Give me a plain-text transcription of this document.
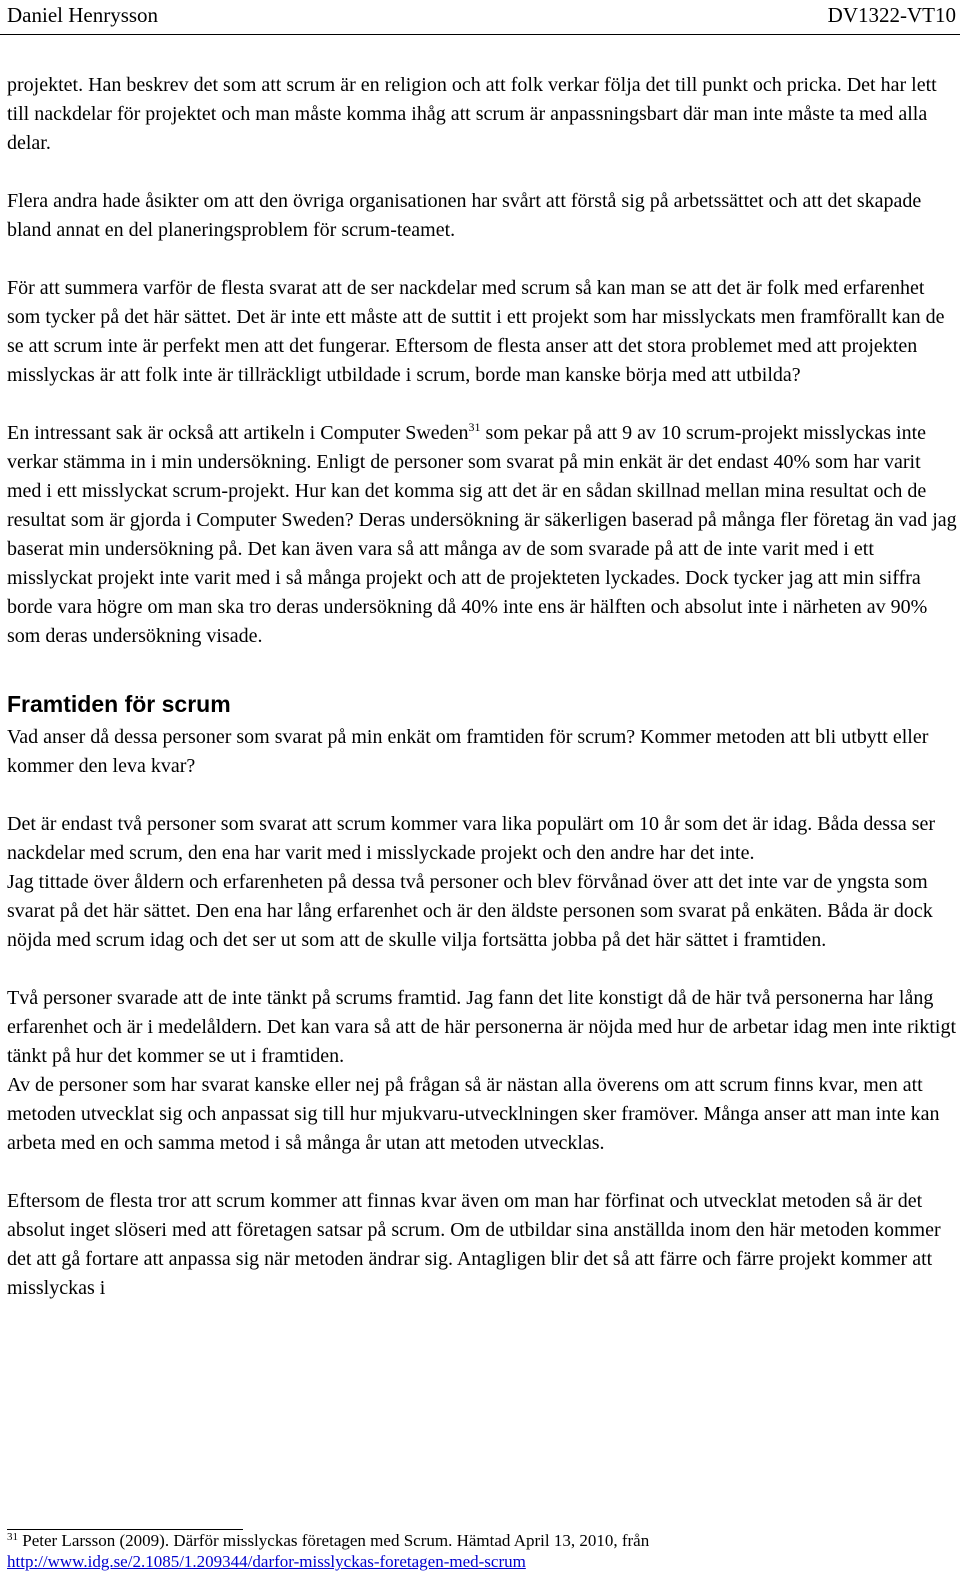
Daniel Henrysson	DV1322-VT10

projektet. Han beskrev det som att scrum är en religion och att folk verkar följa det till punkt och pricka. Det har lett till nackdelar för projektet och man måste komma ihåg att scrum är anpassningsbart där man inte måste ta med alla delar.

Flera andra hade åsikter om att den övriga organisationen har svårt att förstå sig på arbetssättet och att det skapade bland annat en del planeringsproblem för scrum-teamet.

För att summera varför de flesta svarat att de ser nackdelar med scrum så kan man se att det är folk med erfarenhet som tycker på det här sättet. Det är inte ett måste att de suttit i ett projekt som har misslyckats men framförallt kan de se att scrum inte är perfekt men att det fungerar. Eftersom de flesta anser att det stora problemet med att projekten misslyckas är att folk inte är tillräckligt utbildade i scrum, borde man kanske börja med att utbilda?

En intressant sak är också att artikeln i Computer Sweden$^{31}$ som pekar på att 9 av 10 scrum-projekt misslyckas inte verkar stämma in i min undersökning. Enligt de personer som svarat på min enkät är det endast 40% som har varit med i ett misslyckat scrum-projekt. Hur kan det komma sig att det är en sådan skillnad mellan mina resultat och de resultat som är gjorda i Computer Sweden? Deras undersökning är säkerligen baserad på många fler företag än vad jag baserat min undersökning på. Det kan även vara så att många av de som svarade på att de inte varit med i ett misslyckat projekt inte varit med i så många projekt och att de projekteten lyckades. Dock tycker jag att min siffra borde vara högre om man ska tro deras undersökning då 40% inte ens är hälften och absolut inte i närheten av 90% som deras undersökning visade.

Framtiden för scrum

Vad anser då dessa personer som svarat på min enkät om framtiden för scrum? Kommer metoden att bli utbytt eller kommer den leva kvar?

Det är endast två personer som svarat att scrum kommer vara lika populärt om 10 år som det är idag. Båda dessa ser nackdelar med scrum, den ena har varit med i misslyckade projekt och den andre har det inte.

Jag tittade över åldern och erfarenheten på dessa två personer och blev förvånad över att det inte var de yngsta som svarat på det här sättet. Den ena har lång erfarenhet och är den äldste personen som svarat på enkäten. Båda är dock nöjda med scrum idag och det ser ut som att de skulle vilja fortsätta jobba på det här sättet i framtiden.

Två personer svarade att de inte tänkt på scrums framtid. Jag fann det lite konstigt då de här två personerna har lång erfarenhet och är i medelåldern. Det kan vara så att de här personerna är nöjda med hur de arbetar idag men inte riktigt tänkt på hur det kommer se ut i framtiden.

Av de personer som har svarat kanske eller nej på frågan så är nästan alla överens om att scrum finns kvar, men att metoden utvecklat sig och anpassat sig till hur mjukvaru-utvecklningen sker framöver. Många anser att man inte kan arbeta med en och samma metod i så många år utan att metoden utvecklas.

Eftersom de flesta tror att scrum kommer att finnas kvar även om man har förfinat och utvecklat metoden så är det absolut inget slöseri med att företagen satsar på scrum. Om de utbildar sina anställda inom den här metoden kommer det att gå fortare att anpassa sig när metoden ändrar sig. Antagligen blir det så att färre och färre projekt kommer att misslyckas i

$^{31}$ Peter Larsson (2009). Därför misslyckas företagen med Scrum. Hämtad April 13, 2010, från
http://www.idg.se/2.1085/1.209344/darfor-misslyckas-foretagen-med-scrum
